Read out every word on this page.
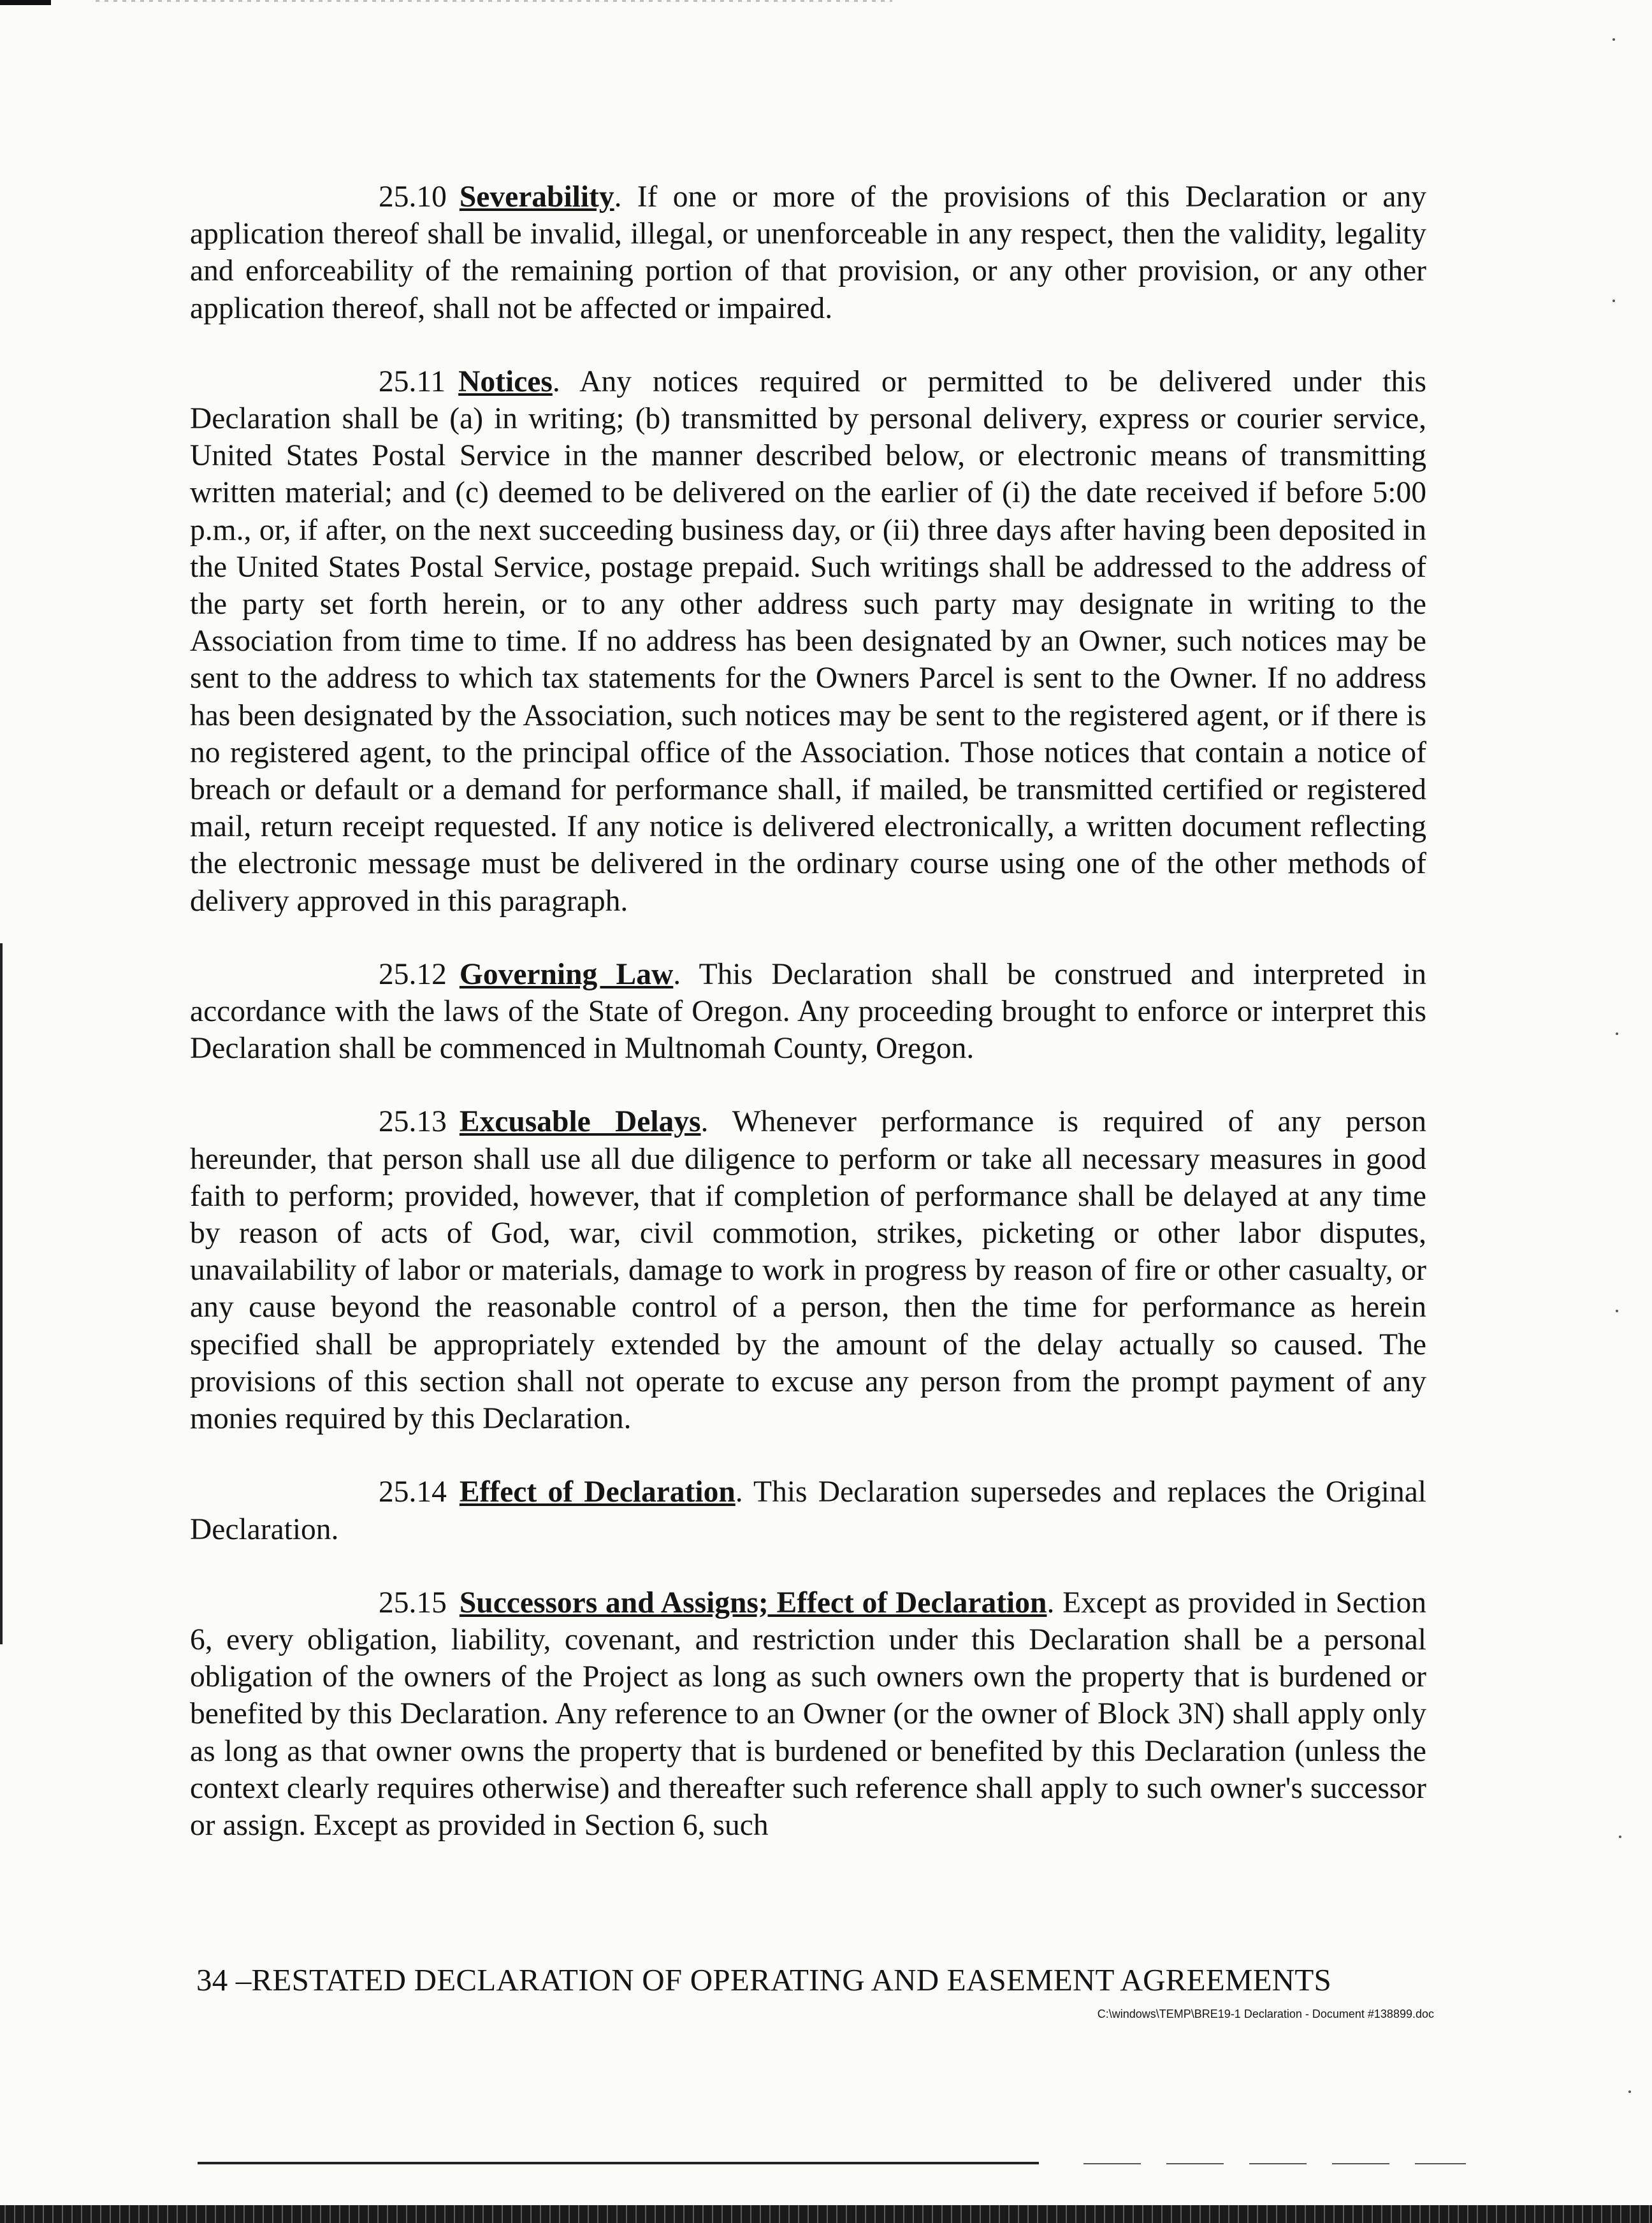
25.10 Severability. If one or more of the provisions of this Declaration or any application thereof shall be invalid, illegal, or unenforceable in any respect, then the validity, legality and enforceability of the remaining portion of that provision, or any other provision, or any other application thereof, shall not be affected or impaired.

25.11 Notices. Any notices required or permitted to be delivered under this Declaration shall be (a) in writing; (b) transmitted by personal delivery, express or courier service, United States Postal Service in the manner described below, or electronic means of transmitting written material; and (c) deemed to be delivered on the earlier of (i) the date received if before 5:00 p.m., or, if after, on the next succeeding business day, or (ii) three days after having been deposited in the United States Postal Service, postage prepaid. Such writings shall be addressed to the address of the party set forth herein, or to any other address such party may designate in writing to the Association from time to time. If no address has been designated by an Owner, such notices may be sent to the address to which tax statements for the Owners Parcel is sent to the Owner. If no address has been designated by the Association, such notices may be sent to the registered agent, or if there is no registered agent, to the principal office of the Association. Those notices that contain a notice of breach or default or a demand for performance shall, if mailed, be transmitted certified or registered mail, return receipt requested. If any notice is delivered electronically, a written document reflecting the electronic message must be delivered in the ordinary course using one of the other methods of delivery approved in this paragraph.

25.12 Governing Law. This Declaration shall be construed and interpreted in accordance with the laws of the State of Oregon. Any proceeding brought to enforce or interpret this Declaration shall be commenced in Multnomah County, Oregon.

25.13 Excusable Delays. Whenever performance is required of any person hereunder, that person shall use all due diligence to perform or take all necessary measures in good faith to perform; provided, however, that if completion of performance shall be delayed at any time by reason of acts of God, war, civil commotion, strikes, picketing or other labor disputes, unavailability of labor or materials, damage to work in progress by reason of fire or other casualty, or any cause beyond the reasonable control of a person, then the time for performance as herein specified shall be appropriately extended by the amount of the delay actually so caused. The provisions of this section shall not operate to excuse any person from the prompt payment of any monies required by this Declaration.

25.14 Effect of Declaration. This Declaration supersedes and replaces the Original Declaration.

25.15 Successors and Assigns; Effect of Declaration. Except as provided in Section 6, every obligation, liability, covenant, and restriction under this Declaration shall be a personal obligation of the owners of the Project as long as such owners own the property that is burdened or benefited by this Declaration. Any reference to an Owner (or the owner of Block 3N) shall apply only as long as that owner owns the property that is burdened or benefited by this Declaration (unless the context clearly requires otherwise) and thereafter such reference shall apply to such owner's successor or assign. Except as provided in Section 6, such

34 –RESTATED DECLARATION OF OPERATING AND EASEMENT AGREEMENTS
C:\windows\TEMP\BRE19-1 Declaration - Document #138899.doc
